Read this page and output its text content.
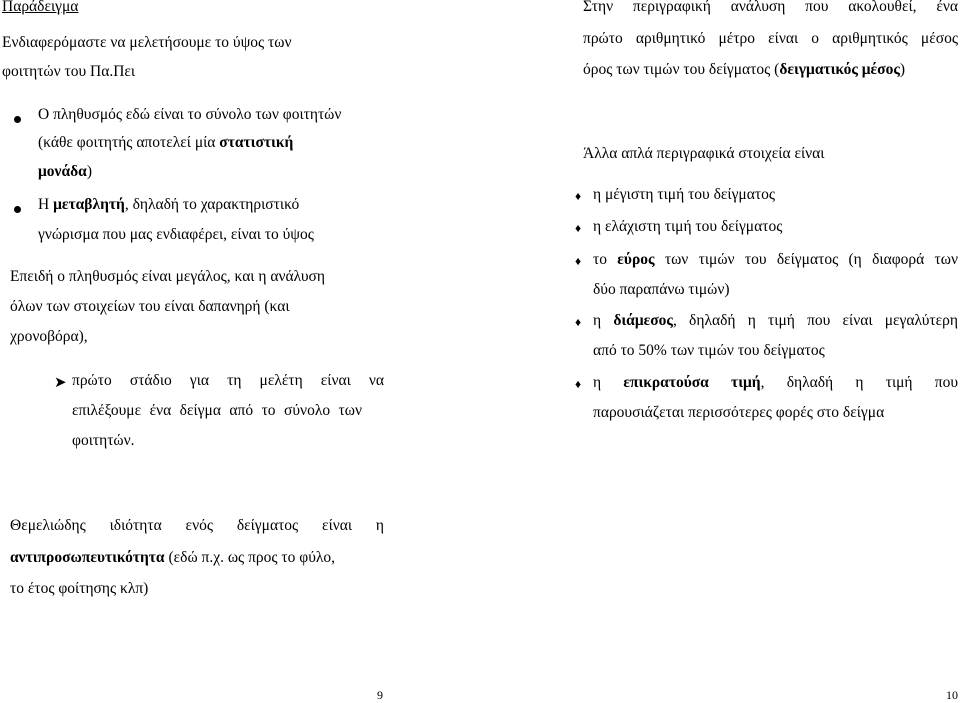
Παράδειγμα

Ενδιαφερόμαστε να μελετήσουμε το ύψος των

φοιτητών του Πα.Πει

Ο πληθυσμός εδώ είναι το σύνολο των φοιτητών

(κάθε φοιτητής αποτελεί μία στατιστική

μονάδα)

Η μεταβλητή, δηλαδή το χαρακτηριστικό

γνώρισμα που μας ενδιαφέρει, είναι το ύψος

Επειδή ο πληθυσμός είναι μεγάλος, και η ανάλυση

όλων των στοιχείων του είναι δαπανηρή (και

χρονοβόρα),

➤ πρώτο στάδιο για τη μελέτη είναι να

επιλέξουμε ένα δείγμα από το σύνολο των

φοιτητών.

Θεμελιώδης ιδιότητα ενός δείγματος είναι η

αντιπροσωπευτικότητα (εδώ π.χ. ως προς το φύλο,

το έτος φοίτησης κλπ)

9

Στην περιγραφική ανάλυση που ακολουθεί, ένα

πρώτο αριθμητικό μέτρο είναι ο αριθμητικός μέσος

όρος των τιμών του δείγματος (δειγματικός μέσος)

Άλλα απλά περιγραφικά στοιχεία είναι

♦ η μέγιστη τιμή του δείγματος

♦ η ελάχιστη τιμή του δείγματος

♦ το εύρος των τιμών του δείγματος (η διαφορά των

δύο παραπάνω τιμών)

♦ η διάμεσος, δηλαδή η τιμή που είναι μεγαλύτερη

από το 50% των τιμών του δείγματος

♦ η επικρατούσα τιμή, δηλαδή η τιμή που

παρουσιάζεται περισσότερες φορές στο δείγμα

10
